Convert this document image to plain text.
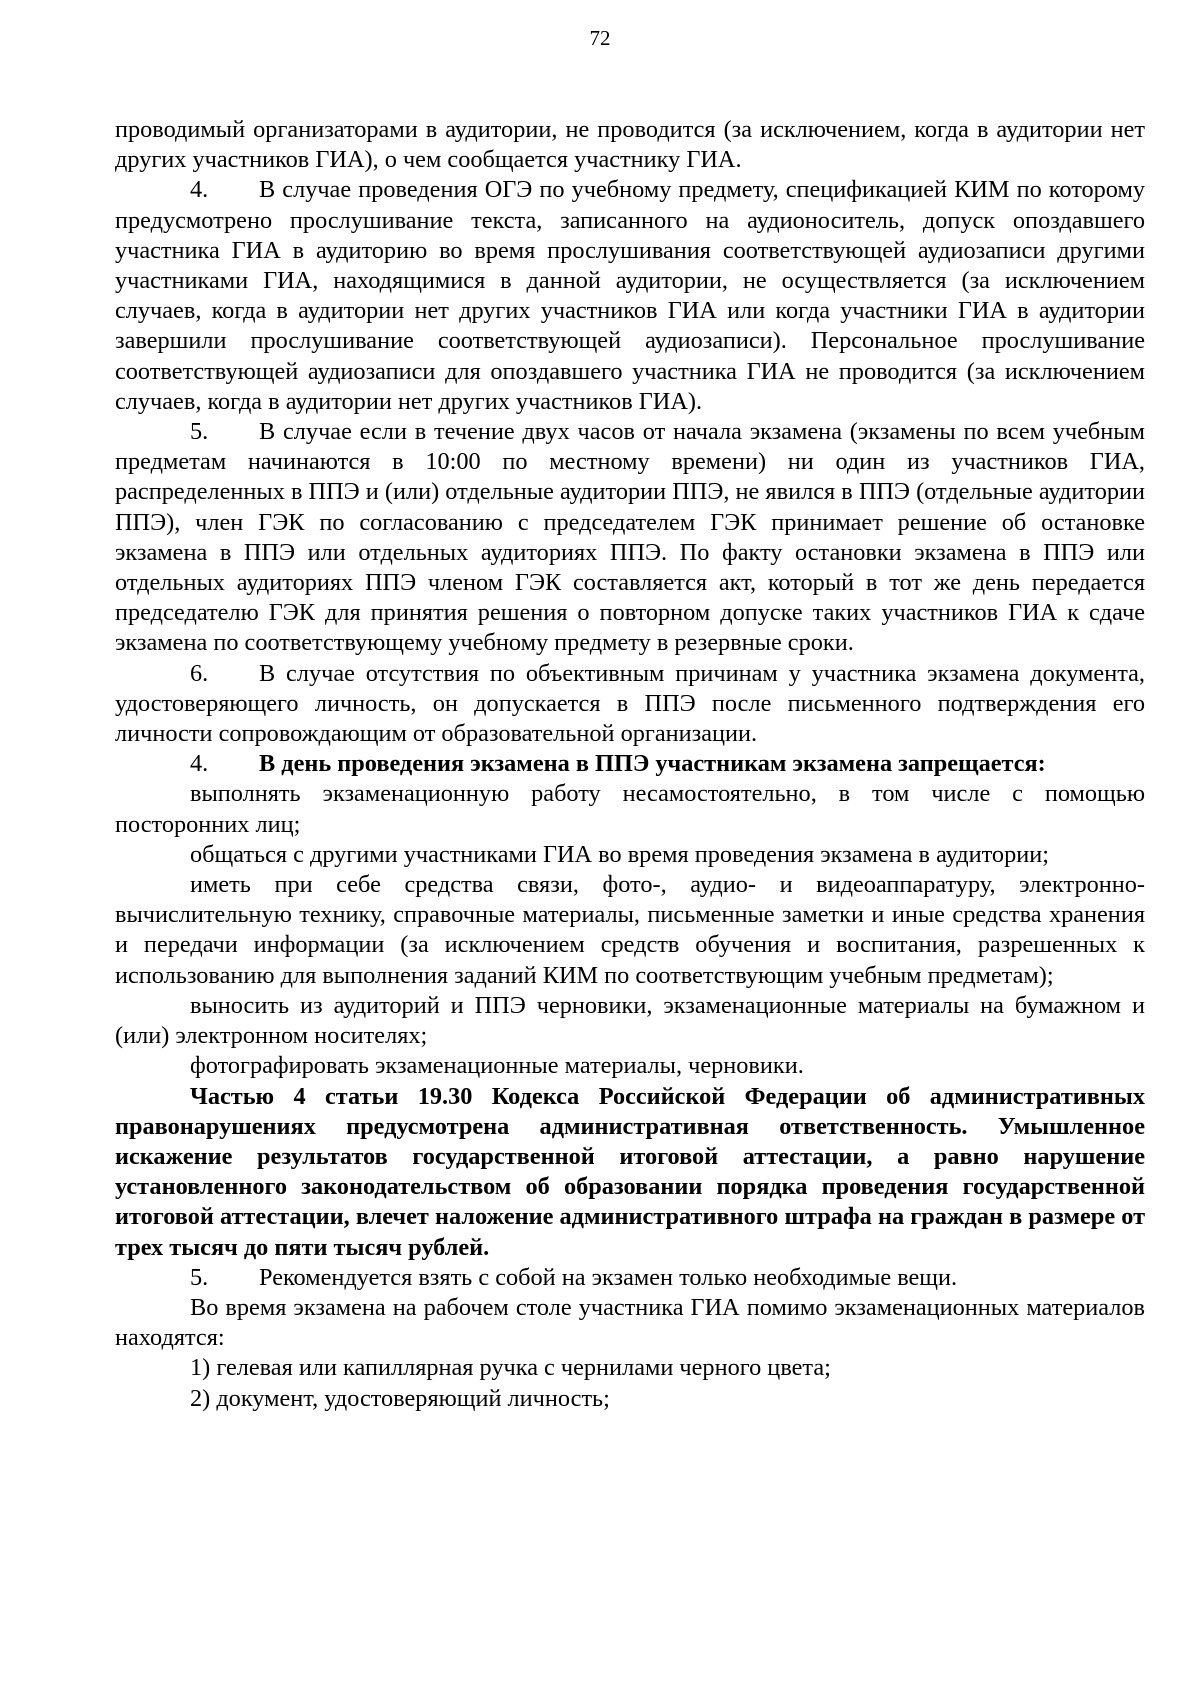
72

проводимый организаторами в аудитории, не проводится (за исключением, когда в аудитории нет других участников ГИА), о чем сообщается участнику ГИА.

4. В случае проведения ОГЭ по учебному предмету, спецификацией КИМ по которому предусмотрено прослушивание текста, записанного на аудионоситель, допуск опоздавшего участника ГИА в аудиторию во время прослушивания соответствующей аудиозаписи другими участниками ГИА, находящимися в данной аудитории, не осуществляется (за исключением случаев, когда в аудитории нет других участников ГИА или когда участники ГИА в аудитории завершили прослушивание соответствующей аудиозаписи). Персональное прослушивание соответствующей аудиозаписи для опоздавшего участника ГИА не проводится (за исключением случаев, когда в аудитории нет других участников ГИА).

5. В случае если в течение двух часов от начала экзамена (экзамены по всем учебным предметам начинаются в 10:00 по местному времени) ни один из участников ГИА, распределенных в ППЭ и (или) отдельные аудитории ППЭ, не явился в ППЭ (отдельные аудитории ППЭ), член ГЭК по согласованию с председателем ГЭК принимает решение об остановке экзамена в ППЭ или отдельных аудиториях ППЭ. По факту остановки экзамена в ППЭ или отдельных аудиториях ППЭ членом ГЭК составляется акт, который в тот же день передается председателю ГЭК для принятия решения о повторном допуске таких участников ГИА к сдаче экзамена по соответствующему учебному предмету в резервные сроки.

6. В случае отсутствия по объективным причинам у участника экзамена документа, удостоверяющего личность, он допускается в ППЭ после письменного подтверждения его личности сопровождающим от образовательной организации.

4. В день проведения экзамена в ППЭ участникам экзамена запрещается:

выполнять экзаменационную работу несамостоятельно, в том числе с помощью посторонних лиц;

общаться с другими участниками ГИА во время проведения экзамена в аудитории;

иметь при себе средства связи, фото-, аудио- и видеоаппаратуру, электронно-вычислительную технику, справочные материалы, письменные заметки и иные средства хранения и передачи информации (за исключением средств обучения и воспитания, разрешенных к использованию для выполнения заданий КИМ по соответствующим учебным предметам);

выносить из аудиторий и ППЭ черновики, экзаменационные материалы на бумажном и (или) электронном носителях;

фотографировать экзаменационные материалы, черновики.

Частью 4 статьи 19.30 Кодекса Российской Федерации об административных правонарушениях предусмотрена административная ответственность. Умышленное искажение результатов государственной итоговой аттестации, а равно нарушение установленного законодательством об образовании порядка проведения государственной итоговой аттестации, влечет наложение административного штрафа на граждан в размере от трех тысяч до пяти тысяч рублей.

5. Рекомендуется взять с собой на экзамен только необходимые вещи.

Во время экзамена на рабочем столе участника ГИА помимо экзаменационных материалов находятся:

1) гелевая или капиллярная ручка с чернилами черного цвета;

2) документ, удостоверяющий личность;
